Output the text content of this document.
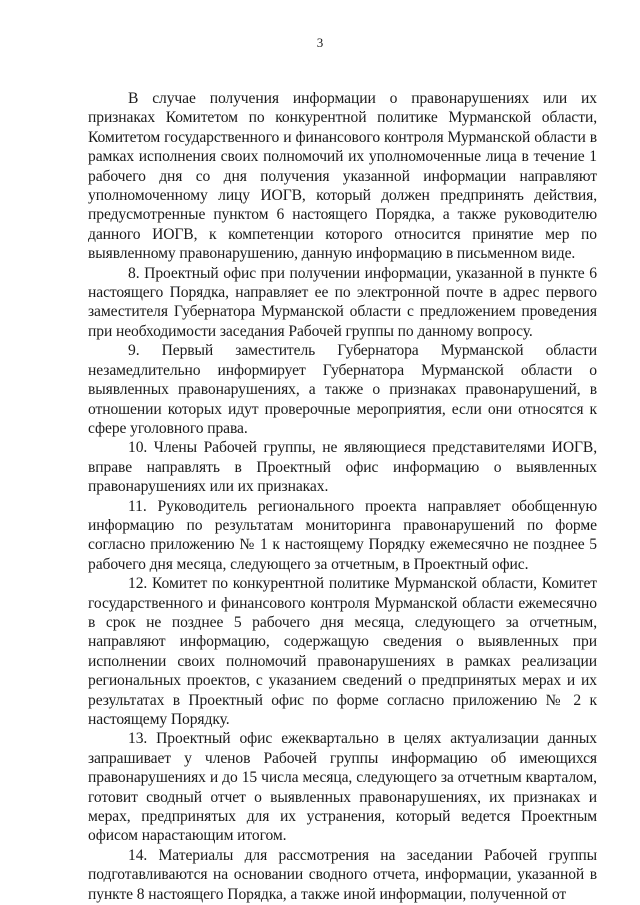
3

В случае получения информации о правонарушениях или их признаках Комитетом по конкурентной политике Мурманской области, Комитетом государственного и финансового контроля Мурманской области в рамках исполнения своих полномочий их уполномоченные лица в течение 1 рабочего дня со дня получения указанной информации направляют уполномоченному лицу ИОГВ, который должен предпринять действия, предусмотренные пунктом 6 настоящего Порядка, а также руководителю данного ИОГВ, к компетенции которого относится принятие мер по выявленному правонарушению, данную информацию в письменном виде.

8. Проектный офис при получении информации, указанной в пункте 6 настоящего Порядка, направляет ее по электронной почте в адрес первого заместителя Губернатора Мурманской области с предложением проведения при необходимости заседания Рабочей группы по данному вопросу.

9. Первый заместитель Губернатора Мурманской области незамедлительно информирует Губернатора Мурманской области о выявленных правонарушениях, а также о признаках правонарушений, в отношении которых идут проверочные мероприятия, если они относятся к сфере уголовного права.

10. Члены Рабочей группы, не являющиеся представителями ИОГВ, вправе направлять в Проектный офис информацию о выявленных правонарушениях или их признаках.

11. Руководитель регионального проекта направляет обобщенную информацию по результатам мониторинга правонарушений по форме согласно приложению № 1 к настоящему Порядку ежемесячно не позднее 5 рабочего дня месяца, следующего за отчетным, в Проектный офис.

12. Комитет по конкурентной политике Мурманской области, Комитет государственного и финансового контроля Мурманской области ежемесячно в срок не позднее 5 рабочего дня месяца, следующего за отчетным, направляют информацию, содержащую сведения о выявленных при исполнении своих полномочий правонарушениях в рамках реализации региональных проектов, с указанием сведений о предпринятых мерах и их результатах в Проектный офис по форме согласно приложению № 2 к настоящему Порядку.

13. Проектный офис ежеквартально в целях актуализации данных запрашивает у членов Рабочей группы информацию об имеющихся правонарушениях и до 15 числа месяца, следующего за отчетным кварталом, готовит сводный отчет о выявленных правонарушениях, их признаках и мерах, предпринятых для их устранения, который ведется Проектным офисом нарастающим итогом.

14. Материалы для рассмотрения на заседании Рабочей группы подготавливаются на основании сводного отчета, информации, указанной в пункте 8 настоящего Порядка, а также иной информации, полученной от
